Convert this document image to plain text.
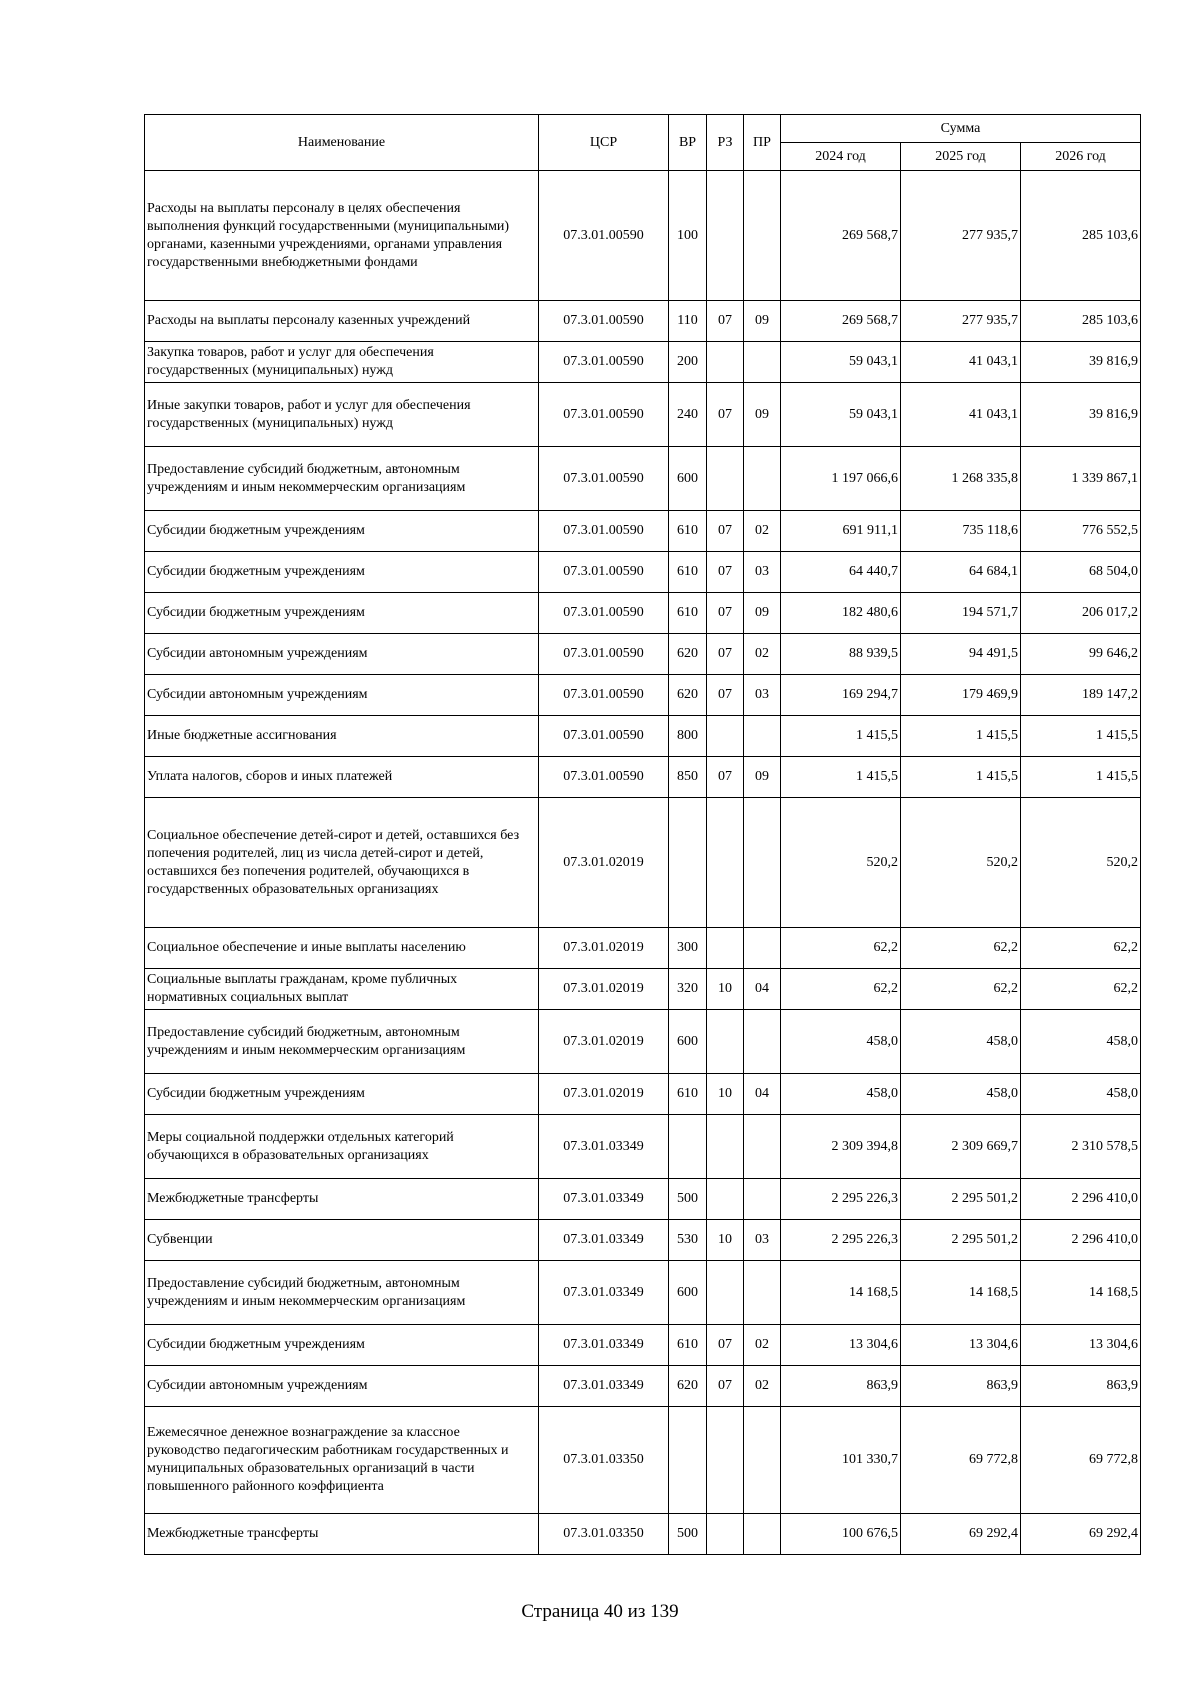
Наименование	ЦСР	ВР	РЗ	ПР	Сумма		
					2024 год	2025 год	2026 год
Расходы на выплаты персоналу в целях обеспечения выполнения функций государственными (муниципальными) органами, казенными учреждениями, органами управления государственными внебюджетными фондами	07.3.01.00590	100			269 568,7	277 935,7	285 103,6
Расходы на выплаты персоналу казенных учреждений	07.3.01.00590	110	07	09	269 568,7	277 935,7	285 103,6
Закупка товаров, работ и услуг для обеспечения государственных (муниципальных) нужд	07.3.01.00590	200			59 043,1	41 043,1	39 816,9
Иные закупки товаров, работ и услуг для обеспечения государственных (муниципальных) нужд	07.3.01.00590	240	07	09	59 043,1	41 043,1	39 816,9
Предоставление субсидий бюджетным, автономным учреждениям и иным некоммерческим организациям	07.3.01.00590	600			1 197 066,6	1 268 335,8	1 339 867,1
Субсидии бюджетным учреждениям	07.3.01.00590	610	07	02	691 911,1	735 118,6	776 552,5
Субсидии бюджетным учреждениям	07.3.01.00590	610	07	03	64 440,7	64 684,1	68 504,0
Субсидии бюджетным учреждениям	07.3.01.00590	610	07	09	182 480,6	194 571,7	206 017,2
Субсидии автономным учреждениям	07.3.01.00590	620	07	02	88 939,5	94 491,5	99 646,2
Субсидии автономным учреждениям	07.3.01.00590	620	07	03	169 294,7	179 469,9	189 147,2
Иные бюджетные ассигнования	07.3.01.00590	800			1 415,5	1 415,5	1 415,5
Уплата налогов, сборов и иных платежей	07.3.01.00590	850	07	09	1 415,5	1 415,5	1 415,5
Социальное обеспечение детей-сирот и детей, оставшихся без попечения родителей, лиц из числа детей-сирот и детей, оставшихся без попечения родителей, обучающихся в государственных образовательных организациях	07.3.01.02019				520,2	520,2	520,2
Социальное обеспечение и иные выплаты населению	07.3.01.02019	300			62,2	62,2	62,2
Социальные выплаты гражданам, кроме публичных нормативных социальных выплат	07.3.01.02019	320	10	04	62,2	62,2	62,2
Предоставление субсидий бюджетным, автономным учреждениям и иным некоммерческим организациям	07.3.01.02019	600			458,0	458,0	458,0
Субсидии бюджетным учреждениям	07.3.01.02019	610	10	04	458,0	458,0	458,0
Меры социальной поддержки отдельных категорий обучающихся в образовательных организациях	07.3.01.03349				2 309 394,8	2 309 669,7	2 310 578,5
Межбюджетные трансферты	07.3.01.03349	500			2 295 226,3	2 295 501,2	2 296 410,0
Субвенции	07.3.01.03349	530	10	03	2 295 226,3	2 295 501,2	2 296 410,0
Предоставление субсидий бюджетным, автономным учреждениям и иным некоммерческим организациям	07.3.01.03349	600			14 168,5	14 168,5	14 168,5
Субсидии бюджетным учреждениям	07.3.01.03349	610	07	02	13 304,6	13 304,6	13 304,6
Субсидии автономным учреждениям	07.3.01.03349	620	07	02	863,9	863,9	863,9
Ежемесячное денежное вознаграждение за классное руководство педагогическим работникам государственных и муниципальных образовательных организаций в части повышенного районного коэффициента	07.3.01.03350				101 330,7	69 772,8	69 772,8
Межбюджетные трансферты	07.3.01.03350	500			100 676,5	69 292,4	69 292,4
Страница 40 из 139
